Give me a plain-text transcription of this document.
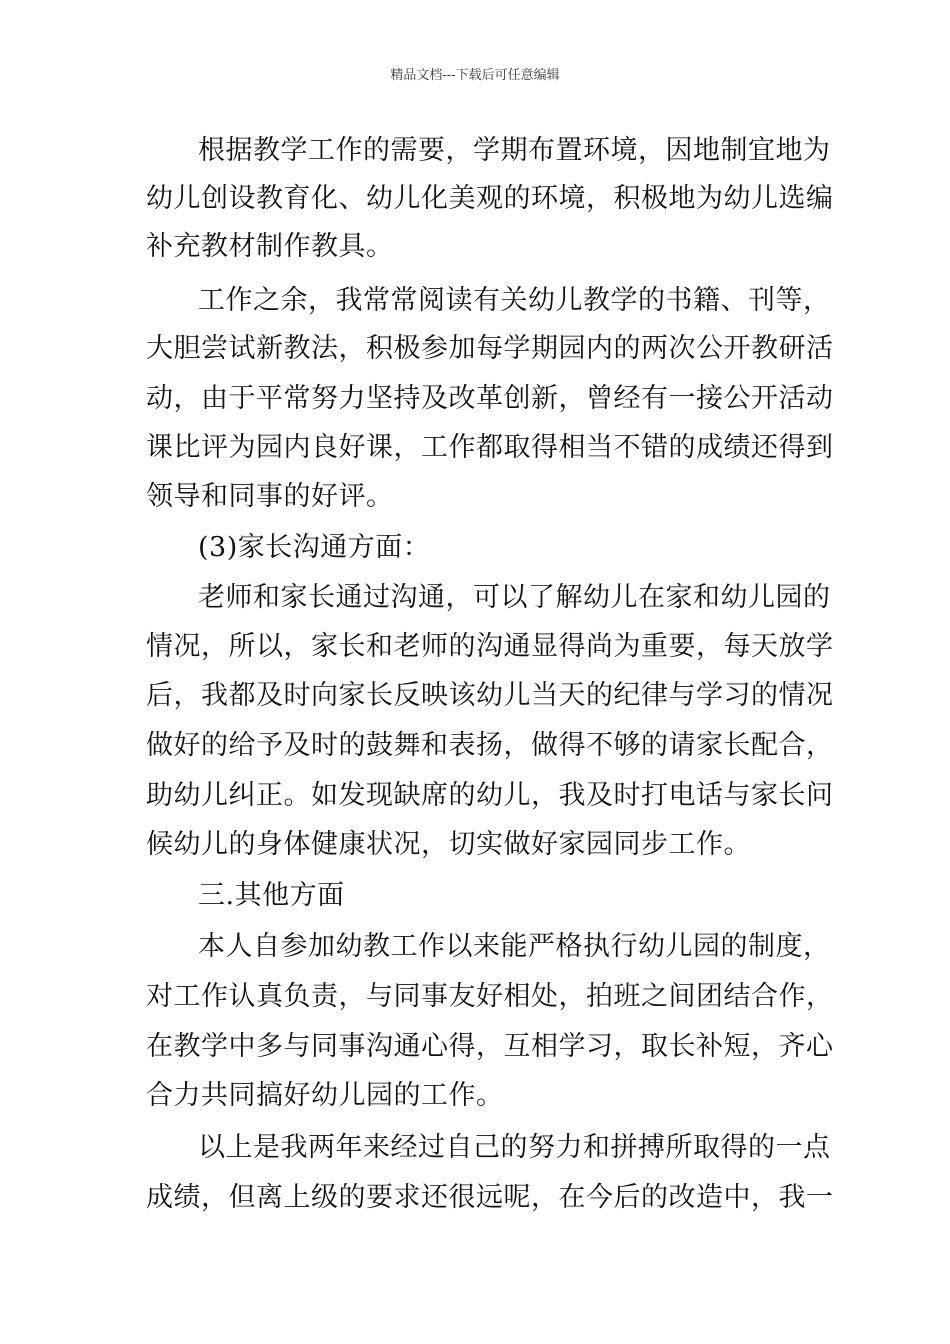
精品文档---下载后可任意编辑
根据教学工作的需要，学期布置环境，因地制宜地为
幼儿创设教育化、幼儿化美观的环境，积极地为幼儿选编
补充教材制作教具。
工作之余，我常常阅读有关幼儿教学的书籍、刊等，
大胆尝试新教法，积极参加每学期园内的两次公开教研活
动，由于平常努力坚持及改革创新，曾经有一接公开活动
课比评为园内良好课，工作都取得相当不错的成绩还得到
领导和同事的好评。
(3)家长沟通方面：
老师和家长通过沟通，可以了解幼儿在家和幼儿园的
情况，所以，家长和老师的沟通显得尚为重要，每天放学
后，我都及时向家长反映该幼儿当天的纪律与学习的情况
做好的给予及时的鼓舞和表扬，做得不够的请家长配合，
助幼儿纠正。如发现缺席的幼儿，我及时打电话与家长问
候幼儿的身体健康状况，切实做好家园同步工作。
三.其他方面
本人自参加幼教工作以来能严格执行幼儿园的制度，
对工作认真负责，与同事友好相处，拍班之间团结合作，
在教学中多与同事沟通心得，互相学习，取长补短，齐心
合力共同搞好幼儿园的工作。
以上是我两年来经过自己的努力和拼搏所取得的一点
成绩，但离上级的要求还很远呢，在今后的改造中，我一
